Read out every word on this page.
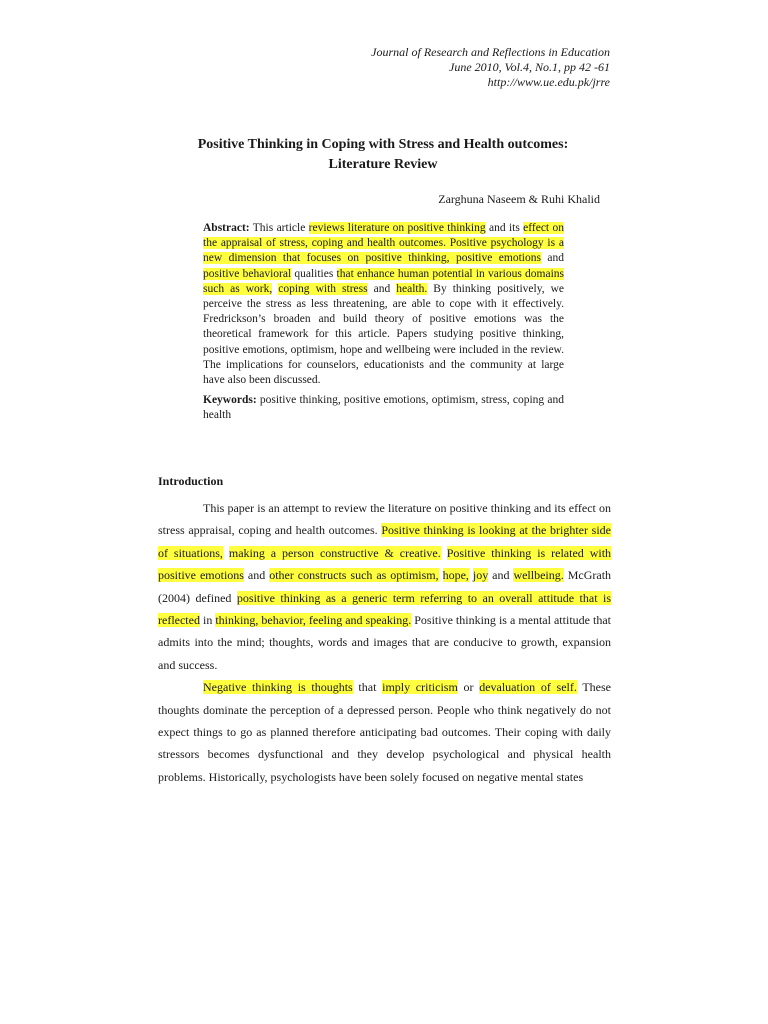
Journal of Research and Reflections in Education
June 2010, Vol.4, No.1, pp 42 -61
http://www.ue.edu.pk/jrre
Positive Thinking in Coping with Stress and Health outcomes:
Literature Review
Zarghuna Naseem & Ruhi Khalid

Abstract: This article reviews literature on positive thinking and its effect on the appraisal of stress, coping and health outcomes. Positive psychology is a new dimension that focuses on positive thinking, positive emotions and positive behavioral qualities that enhance human potential in various domains such as work, coping with stress and health. By thinking positively, we perceive the stress as less threatening, are able to cope with it effectively. Fredrickson’s broaden and build theory of positive emotions was the theoretical framework for this article. Papers studying positive thinking, positive emotions, optimism, hope and wellbeing were included in the review. The implications for counselors, educationists and the community at large have also been discussed.

Keywords: positive thinking, positive emotions, optimism, stress, coping and health

Introduction

This paper is an attempt to review the literature on positive thinking and its effect on stress appraisal, coping and health outcomes. Positive thinking is looking at the brighter side of situations, making a person constructive & creative. Positive thinking is related with positive emotions and other constructs such as optimism, hope, joy and wellbeing. McGrath (2004) defined positive thinking as a generic term referring to an overall attitude that is reflected in thinking, behavior, feeling and speaking. Positive thinking is a mental attitude that admits into the mind; thoughts, words and images that are conducive to growth, expansion and success.

Negative thinking is thoughts that imply criticism or devaluation of self. These thoughts dominate the perception of a depressed person. People who think negatively do not expect things to go as planned therefore anticipating bad outcomes. Their coping with daily stressors becomes dysfunctional and they develop psychological and physical health problems. Historically, psychologists have been solely focused on negative mental states
